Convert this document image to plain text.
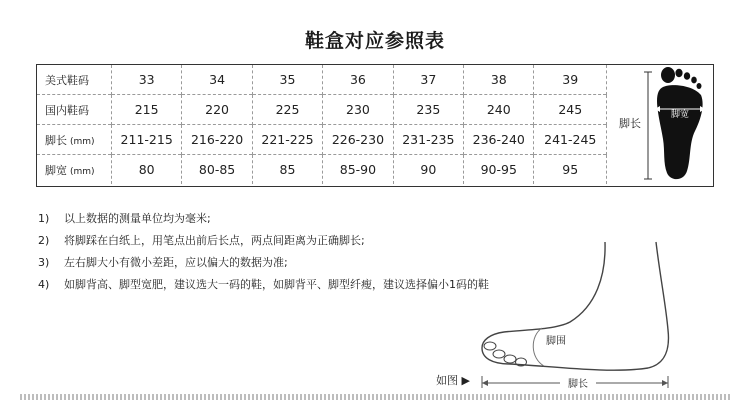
鞋盒对应参照表
美式鞋码	33	34	35	36	37	38	39
国内鞋码	215	220	225	230	235	240	245
脚长 (mm)	211-215	216-220	221-225	226-230	231-235	236-240	241-245
脚宽 (mm)	80	80-85	85	85-90	90	90-95	95
脚长
脚宽
1) 以上数据的测量单位均为毫米;
2) 将脚踩在白纸上，用笔点出前后长点，两点间距离为正确脚长;
3) 左右脚大小有微小差距，应以偏大的数据为准;
4) 如脚背高、脚型宽肥，建议选大一码的鞋，如脚背平、脚型纤瘦，建议选择偏小1码的鞋
脚围
脚长
如图 ▶
